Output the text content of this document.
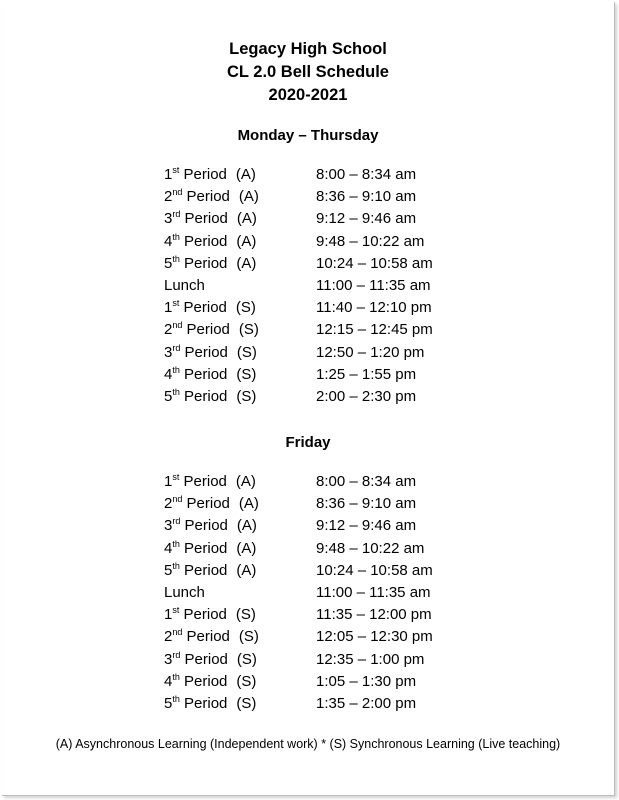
Legacy High School
CL 2.0 Bell Schedule
2020-2021
Monday – Thursday
1st Period (A)	8:00 – 8:34 am
2nd Period (A)	8:36 – 9:10 am
3rd Period (A)	9:12 – 9:46 am
4th Period (A)	9:48 – 10:22 am
5th Period (A)	10:24 – 10:58 am
Lunch	11:00 – 11:35 am
1st Period (S)	11:40 – 12:10 pm
2nd Period (S)	12:15 – 12:45 pm
3rd Period (S)	12:50 – 1:20 pm
4th Period (S)	1:25 – 1:55 pm
5th Period (S)	2:00 – 2:30 pm
Friday
1st Period (A)	8:00 – 8:34 am
2nd Period (A)	8:36 – 9:10 am
3rd Period (A)	9:12 – 9:46 am
4th Period (A)	9:48 – 10:22 am
5th Period (A)	10:24 – 10:58 am
Lunch	11:00 – 11:35 am
1st Period (S)	11:35 – 12:00 pm
2nd Period (S)	12:05 – 12:30 pm
3rd Period (S)	12:35 – 1:00 pm
4th Period (S)	1:05 – 1:30 pm
5th Period (S)	1:35 – 2:00 pm
(A) Asynchronous Learning (Independent work) * (S) Synchronous Learning (Live teaching)
